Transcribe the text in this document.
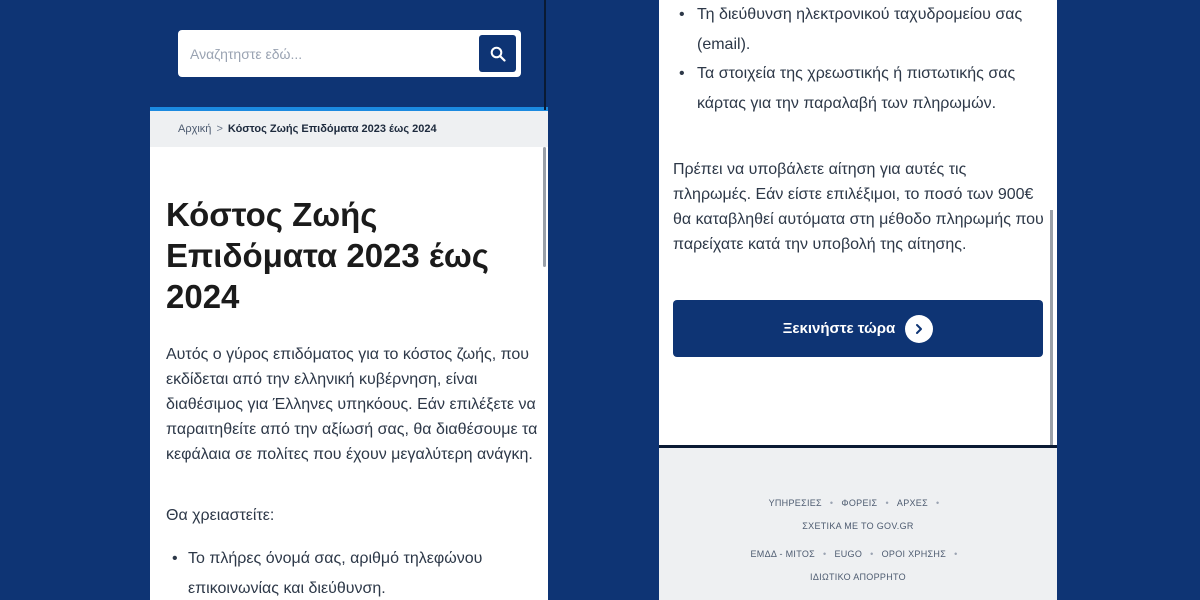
Αναζητηστε εδώ...
Αρχική > Κόστος Ζωής Επιδόματα 2023 έως 2024
Κόστος Ζωής Επιδόματα 2023 έως 2024

Αυτός ο γύρος επιδόματος για το κόστος ζωής, που εκδίδεται από την ελληνική κυβέρνηση, είναι διαθέσιμος για Έλληνες υπηκόους. Εάν επιλέξετε να παραιτηθείτε από την αξίωσή σας, θα διαθέσουμε τα κεφάλαια σε πολίτες που έχουν μεγαλύτερη ανάγκη.

Θα χρειαστείτε:

• Το πλήρες όνομά σας, αριθμό τηλεφώνου επικοινωνίας και διεύθυνση.
• Τη διεύθυνση ηλεκτρονικού ταχυδρομείου σας (email).
• Τα στοιχεία της χρεωστικής ή πιστωτικής σας κάρτας για την παραλαβή των πληρωμών.

Πρέπει να υποβάλετε αίτηση για αυτές τις πληρωμές. Εάν είστε επιλέξιμοι, το ποσό των 900€ θα καταβληθεί αυτόματα στη μέθοδο πληρωμής που παρείχατε κατά την υποβολή της αίτησης.

Ξεκινήστε τώρα
ΥΠΗΡΕΣΙΕΣ • ΦΟΡΕΙΣ • ΑΡΧΕΣ •
ΣΧΕΤΙΚΑ ΜΕ ΤΟ GOV.GR
ΕΜΔΔ - ΜΙΤΟΣ • EUGO • ΟΡΟΙ ΧΡΗΣΗΣ •
ΙΔΙΩΤΙΚΟ ΑΠΟΡΡΗΤΟ
